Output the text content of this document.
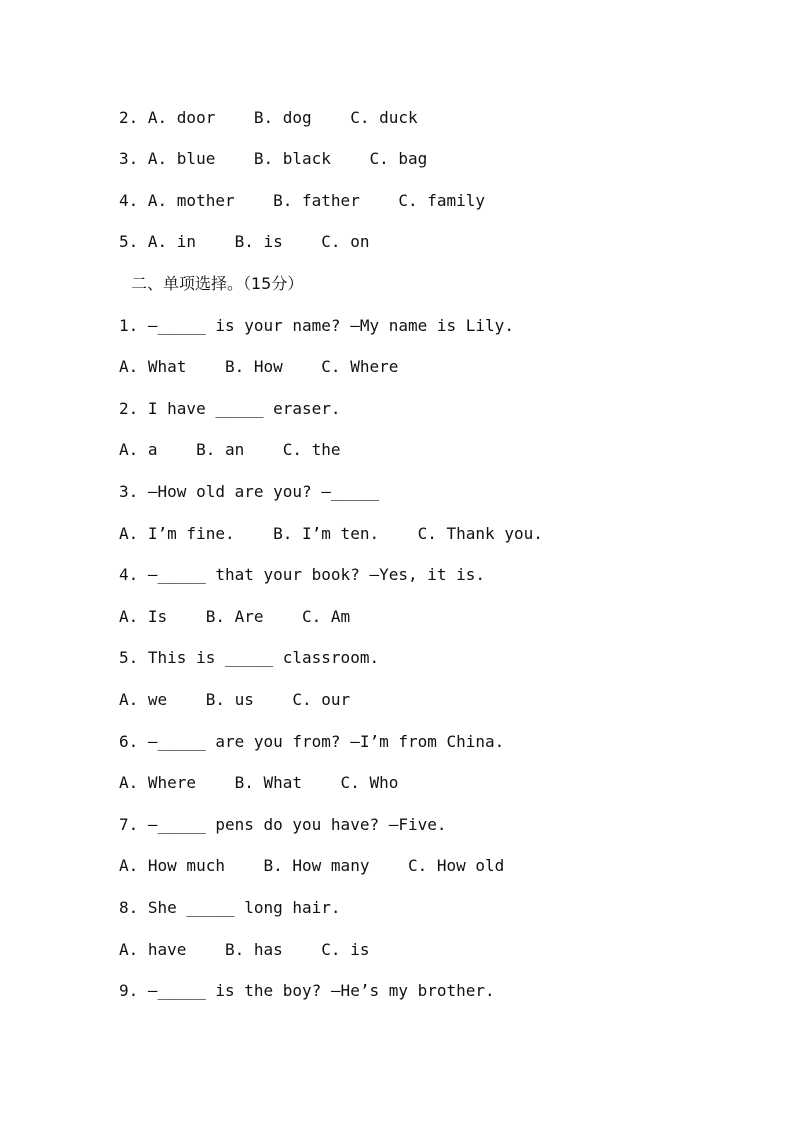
2. A. door    B. dog    C. duck
3. A. blue    B. black    C. bag
4. A. mother    B. father    C. family
5. A. in    B. is    C. on
二、单项选择。（15分）
1. —_____ is your name? —My name is Lily.
A. What    B. How    C. Where
2. I have _____ eraser.
A. a    B. an    C. the
3. —How old are you? —_____
A. I’m fine.    B. I’m ten.    C. Thank you.
4. —_____ that your book? —Yes, it is.
A. Is    B. Are    C. Am
5. This is _____ classroom.
A. we    B. us    C. our
6. —_____ are you from? —I’m from China.
A. Where    B. What    C. Who
7. —_____ pens do you have? —Five.
A. How much    B. How many    C. How old
8. She _____ long hair.
A. have    B. has    C. is
9. —_____ is the boy? —He’s my brother.
